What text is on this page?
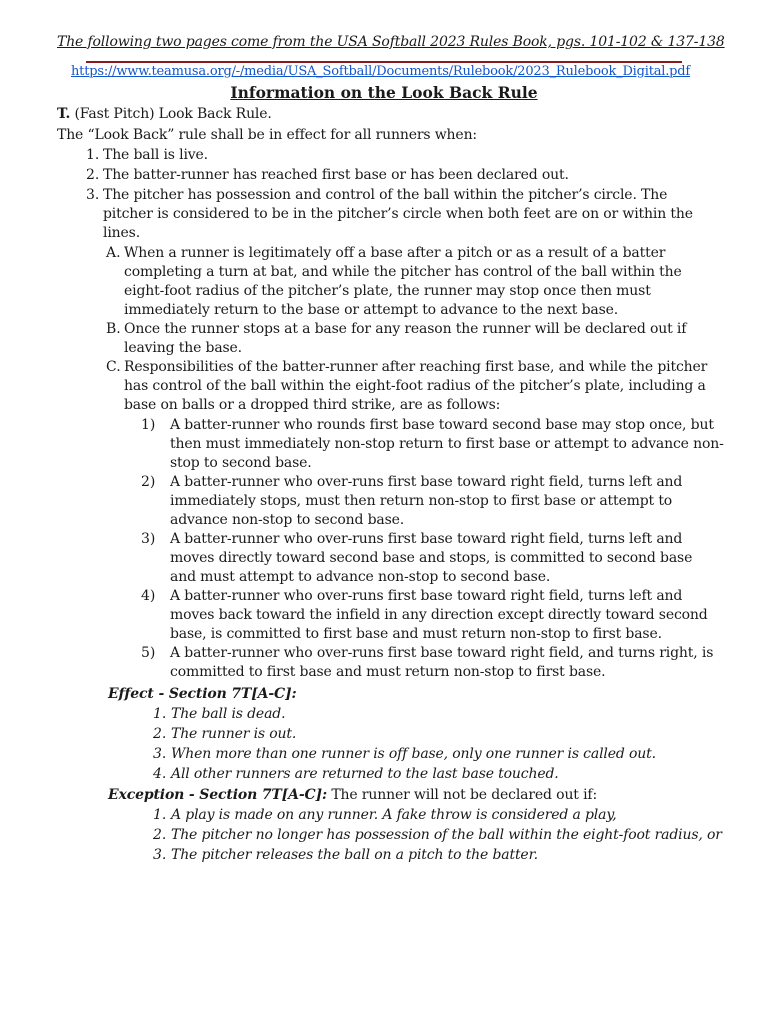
The following two pages come from the USA Softball 2023 Rules Book, pgs. 101-102 & 137-138
https://www.teamusa.org/-/media/USA_Softball/Documents/Rulebook/2023_Rulebook_Digital.pdf
Information on the Look Back Rule
T. (Fast Pitch) Look Back Rule.
The “Look Back” rule shall be in effect for all runners when:
1. The ball is live.
2. The batter-runner has reached first base or has been declared out.
3. The pitcher has possession and control of the ball within the pitcher’s circle. The
pitcher is considered to be in the pitcher’s circle when both feet are on or within the
lines.
A. When a runner is legitimately off a base after a pitch or as a result of a batter
completing a turn at bat, and while the pitcher has control of the ball within the
eight-foot radius of the pitcher’s plate, the runner may stop once then must
immediately return to the base or attempt to advance to the next base.
B. Once the runner stops at a base for any reason the runner will be declared out if
leaving the base.
C. Responsibilities of the batter-runner after reaching first base, and while the pitcher
has control of the ball within the eight-foot radius of the pitcher’s plate, including a
base on balls or a dropped third strike, are as follows:
1) A batter-runner who rounds first base toward second base may stop once, but
then must immediately non-stop return to first base or attempt to advance non-
stop to second base.
2) A batter-runner who over-runs first base toward right field, turns left and
immediately stops, must then return non-stop to first base or attempt to
advance non-stop to second base.
3) A batter-runner who over-runs first base toward right field, turns left and
moves directly toward second base and stops, is committed to second base
and must attempt to advance non-stop to second base.
4) A batter-runner who over-runs first base toward right field, turns left and
moves back toward the infield in any direction except directly toward second
base, is committed to first base and must return non-stop to first base.
5) A batter-runner who over-runs first base toward right field, and turns right, is
committed to first base and must return non-stop to first base.
Effect - Section 7T[A-C]:
1. The ball is dead.
2. The runner is out.
3. When more than one runner is off base, only one runner is called out.
4. All other runners are returned to the last base touched.
Exception - Section 7T[A-C]: The runner will not be declared out if:
1. A play is made on any runner. A fake throw is considered a play,
2. The pitcher no longer has possession of the ball within the eight-foot radius, or
3. The pitcher releases the ball on a pitch to the batter.
